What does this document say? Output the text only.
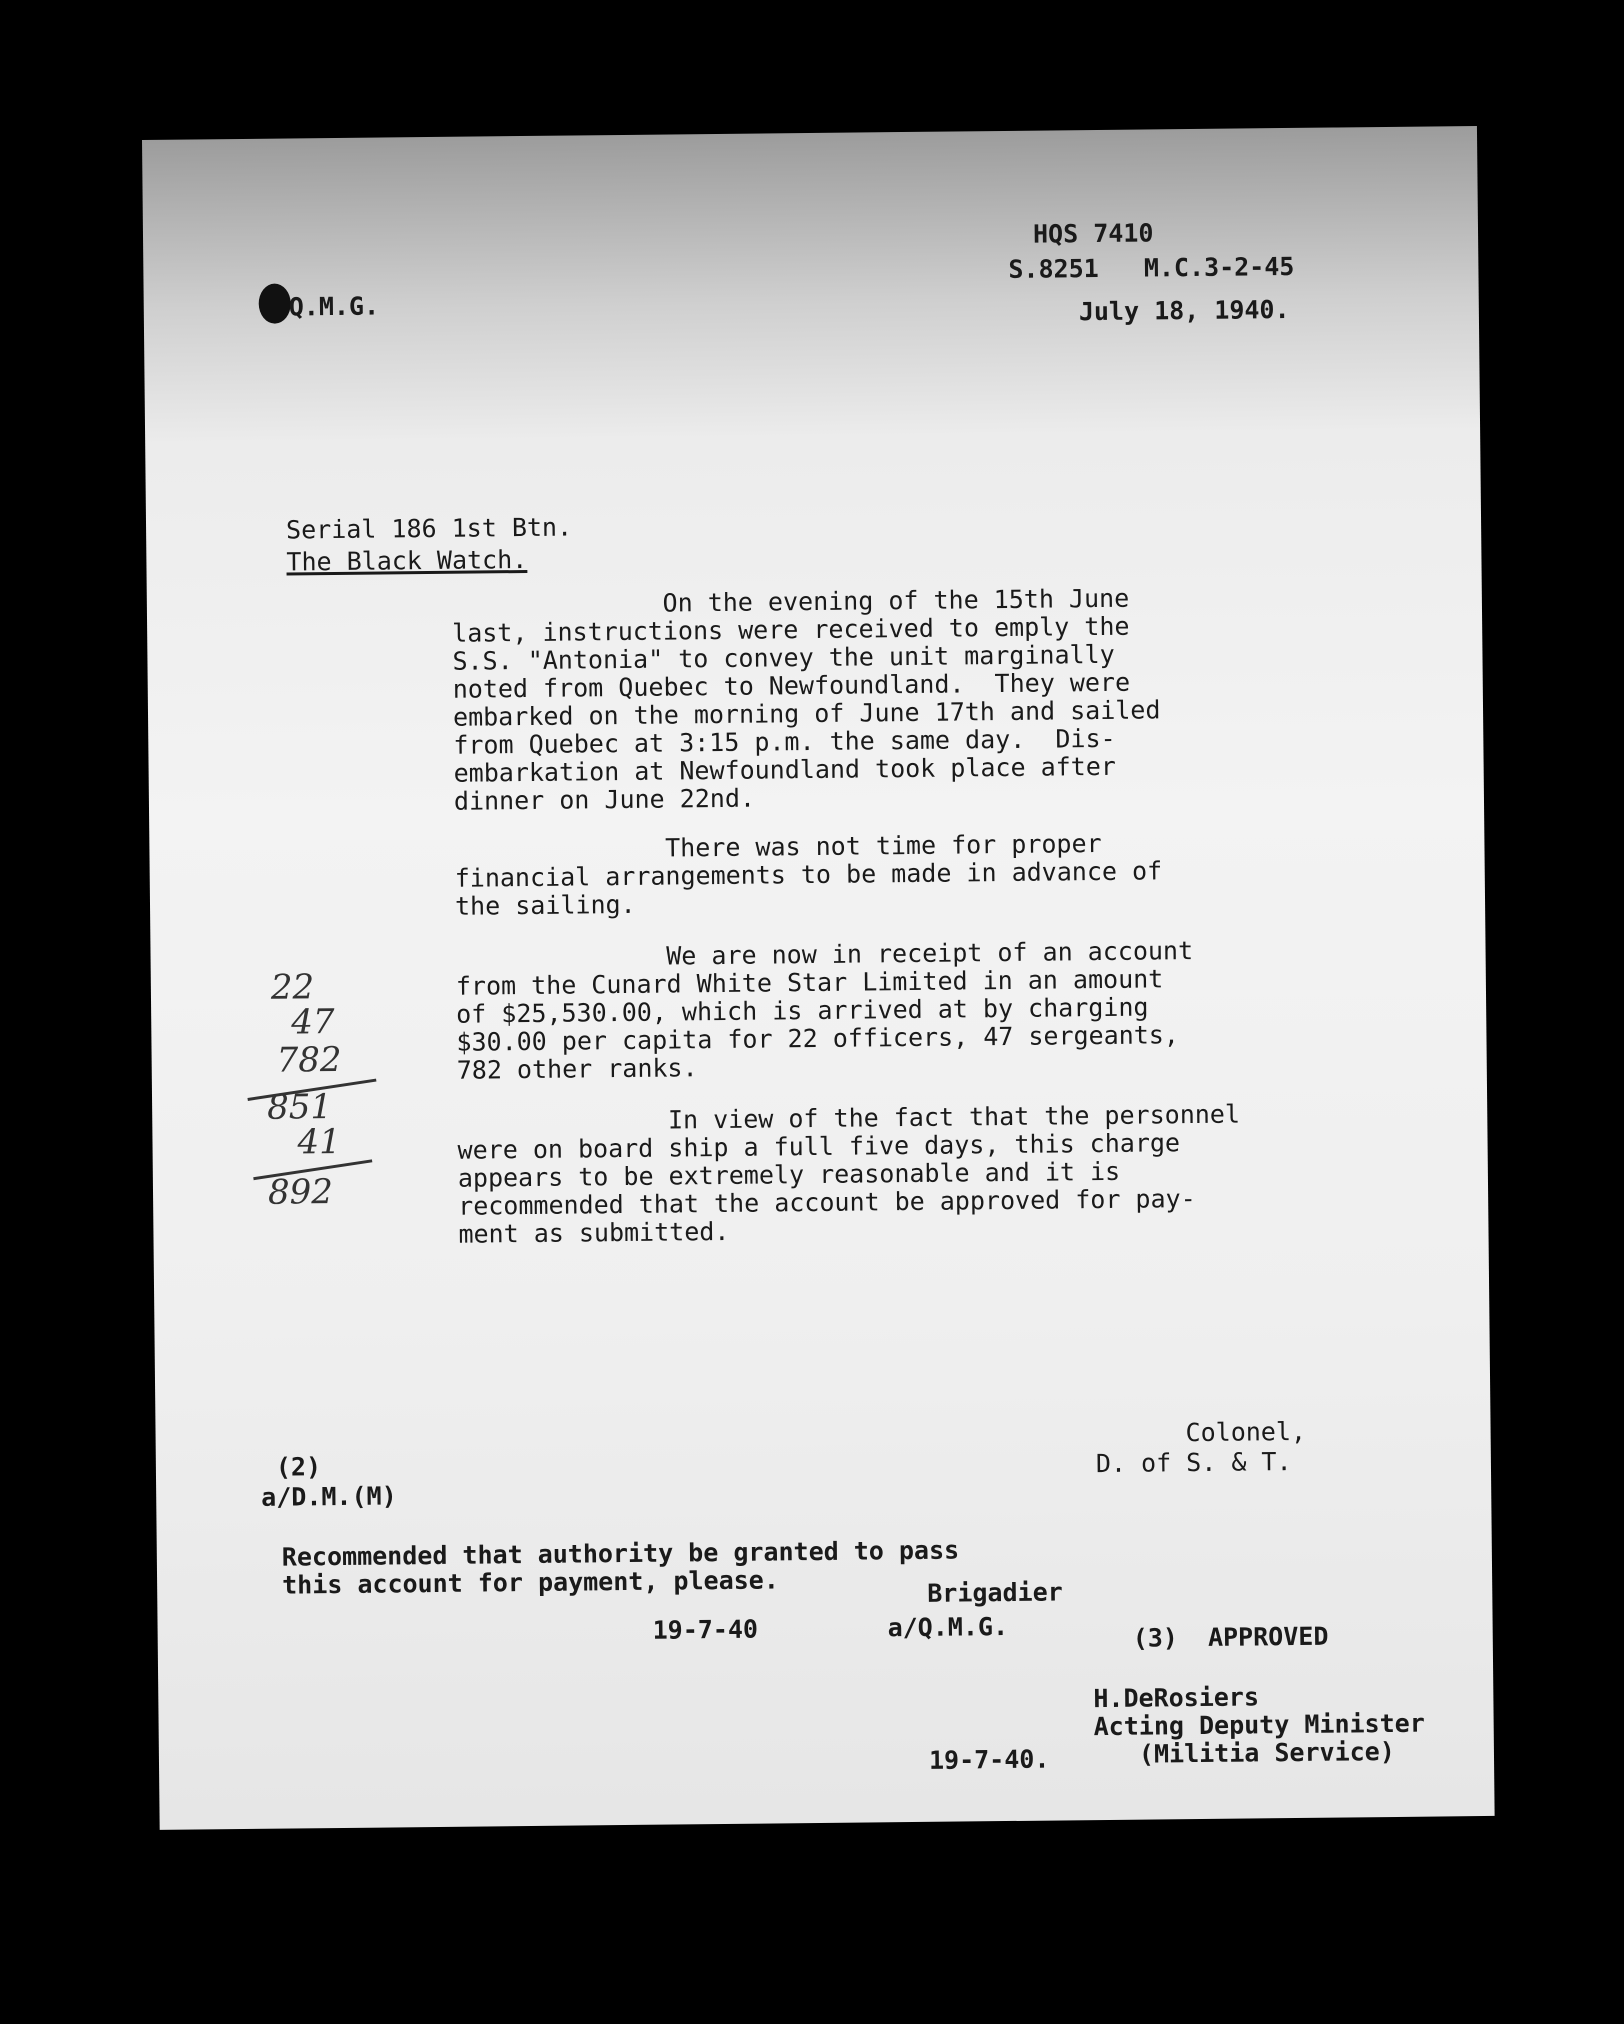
HQS 7410
S.8251   M.C.3-2-45
Q.M.G.	July 18, 1940.
Serial 186 1st Btn.
The Black Watch.
On the evening of the 15th June
last, instructions were received to emply the
S.S. "Antonia" to convey the unit marginally
noted from Quebec to Newfoundland.  They were
embarked on the morning of June 17th and sailed
from Quebec at 3:15 p.m. the same day.  Dis-
embarkation at Newfoundland took place after
dinner on June 22nd.
There was not time for proper
financial arrangements to be made in advance of
the sailing.
We are now in receipt of an account
from the Cunard White Star Limited in an amount
of $25,530.00, which is arrived at by charging
$30.00 per capita for 22 officers, 47 sergeants,
782 other ranks.
In view of the fact that the personnel
were on board ship a full five days, this charge
appears to be extremely reasonable and it is
recommended that the account be approved for pay-
ment as submitted.
22
47
782
851
41
892
Colonel,
D. of S. & T.
(2)
a/D.M.(M)
Recommended that authority be granted to pass
this account for payment, please.	Brigadier
a/Q.M.G.
19-7-40	(3)  APPROVED
H.DeRosiers
Acting Deputy Minister
(Militia Service)
19-7-40.
